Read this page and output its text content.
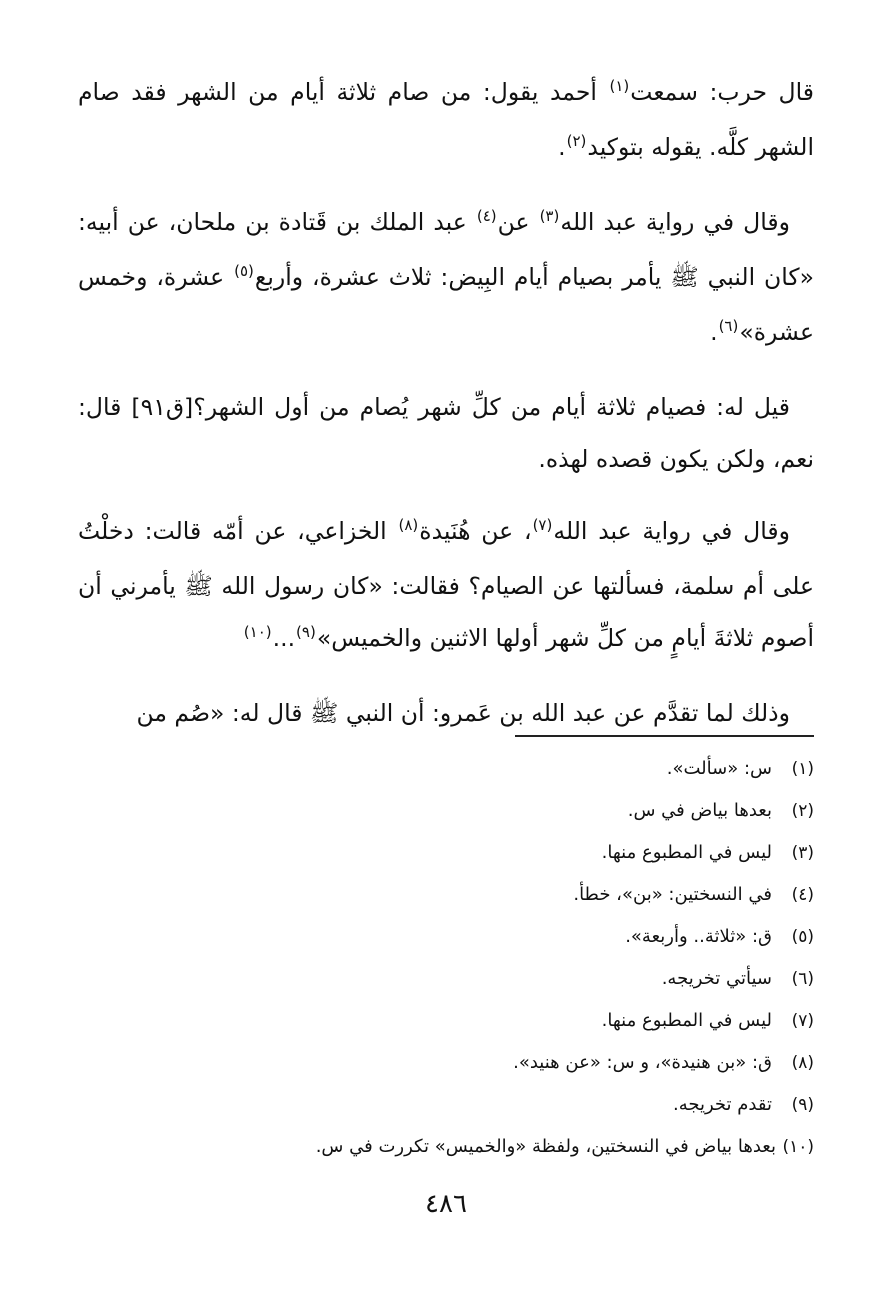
قال حرب: سمعت$^{(١)}$ أحمد يقول: من صام ثلاثة أيام من الشهر فقد صام الشهر كلَّه. يقوله بتوكيد$^{(٢)}$.

وقال في رواية عبد الله$^{(٣)}$ عن$^{(٤)}$ عبد الملك بن قَتادة بن ملحان، عن أبيه: «كان النبي ﷺ يأمر بصيام أيام البِيض: ثلاث عشرة، وأربع$^{(٥)}$ عشرة، وخمس عشرة»$^{(٦)}$.

قيل له: فصيام ثلاثة أيام من كلِّ شهر يُصام من أول الشهر؟[ق٩١] قال: نعم، ولكن يكون قصده لهذه.

وقال في رواية عبد الله$^{(٧)}$، عن هُنَيدة$^{(٨)}$ الخزاعي، عن أمّه قالت: دخلْتُ على أم سلمة، فسألتها عن الصيام؟ فقالت: «كان رسول الله ﷺ يأمرني أن أصوم ثلاثةَ أيامٍ من كلِّ شهر أولها الاثنين والخميس»$^{(٩)}$...$^{(١٠)}$

وذلك لما تقدَّم عن عبد الله بن عَمرو: أن النبي ﷺ قال له: «صُم من

(١)
س: «سألت».
(٢)
بعدها بياض في س.
(٣)
ليس في المطبوع منها.
(٤)
في النسختين: «بن»، خطأ.
(٥)
ق: «ثلاثة.. وأربعة».
(٦)
سيأتي تخريجه.
(٧)
ليس في المطبوع منها.
(٨)
ق: «بن هنيدة»، و س: «عن هنيد».
(٩)
تقدم تخريجه.
(١٠)
بعدها بياض في النسختين، ولفظة «والخميس» تكررت في س.
٤٨٦
